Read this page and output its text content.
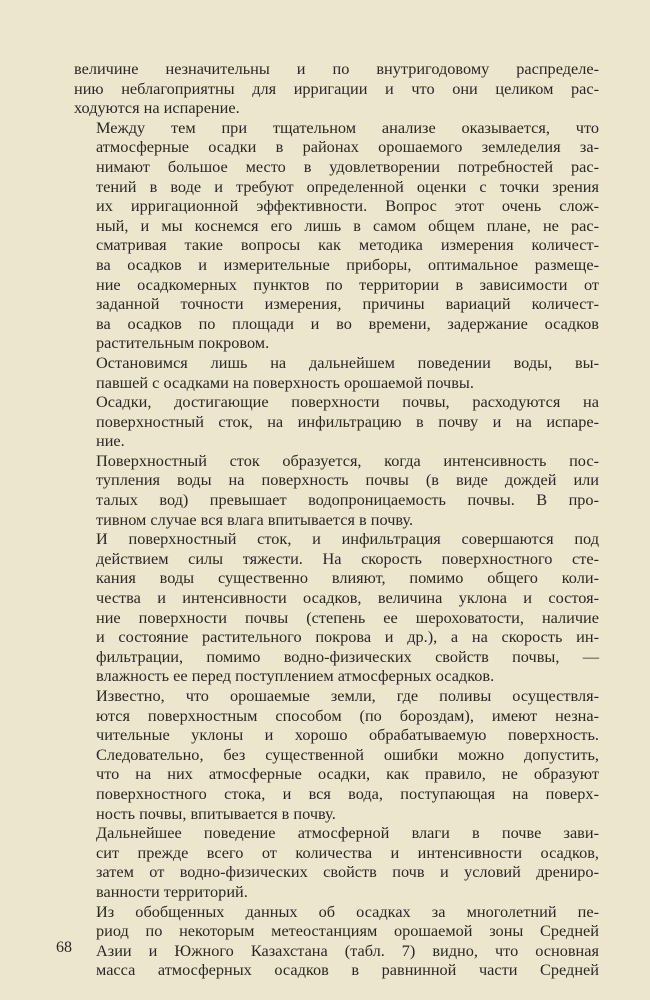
величине незначительны и по внутригодовому распределе-
нию неблагоприятны для ирригации и что они целиком рас-
ходуются на испарение.

Между тем при тщательном анализе оказывается, что
атмосферные осадки в районах орошаемого земледелия за-
нимают большое место в удовлетворении потребностей рас-
тений в воде и требуют определенной оценки с точки зрения
их ирригационной эффективности. Вопрос этот очень слож-
ный, и мы коснемся его лишь в самом общем плане, не рас-
сматривая такие вопросы как методика измерения количест-
ва осадков и измерительные приборы, оптимальное размеще-
ние осадкомерных пунктов по территории в зависимости от
заданной точности измерения, причины вариаций количест-
ва осадков по площади и во времени, задержание осадков
растительным покровом.

Остановимся лишь на дальнейшем поведении воды, вы-
павшей с осадками на поверхность орошаемой почвы.

Осадки, достигающие поверхности почвы, расходуются на
поверхностный сток, на инфильтрацию в почву и на испаре-
ние.

Поверхностный сток образуется, когда интенсивность пос-
тупления воды на поверхность почвы (в виде дождей или
талых вод) превышает водопроницаемость почвы. В про-
тивном случае вся влага впитывается в почву.

И поверхностный сток, и инфильтрация совершаются под
действием силы тяжести. На скорость поверхностного сте-
кания воды существенно влияют, помимо общего коли-
чества и интенсивности осадков, величина уклона и состоя-
ние поверхности почвы (степень ее шероховатости, наличие
и состояние растительного покрова и др.), а на скорость ин-
фильтрации, помимо водно-физических свойств почвы, —
влажность ее перед поступлением атмосферных осадков.

Известно, что орошаемые земли, где поливы осуществля-
ются поверхностным способом (по бороздам), имеют незна-
чительные уклоны и хорошо обрабатываемую поверхность.
Следовательно, без существенной ошибки можно допустить,
что на них атмосферные осадки, как правило, не образуют
поверхностного стока, и вся вода, поступающая на поверх-
ность почвы, впитывается в почву.

Дальнейшее поведение атмосферной влаги в почве зави-
сит прежде всего от количества и интенсивности осадков,
затем от водно-физических свойств почв и условий дрениро-
ванности территорий.

Из обобщенных данных об осадках за многолетний пе-
риод по некоторым метеостанциям орошаемой зоны Средней
Азии и Южного Казахстана (табл. 7) видно, что основная
масса атмосферных осадков в равнинной части Средней

68
